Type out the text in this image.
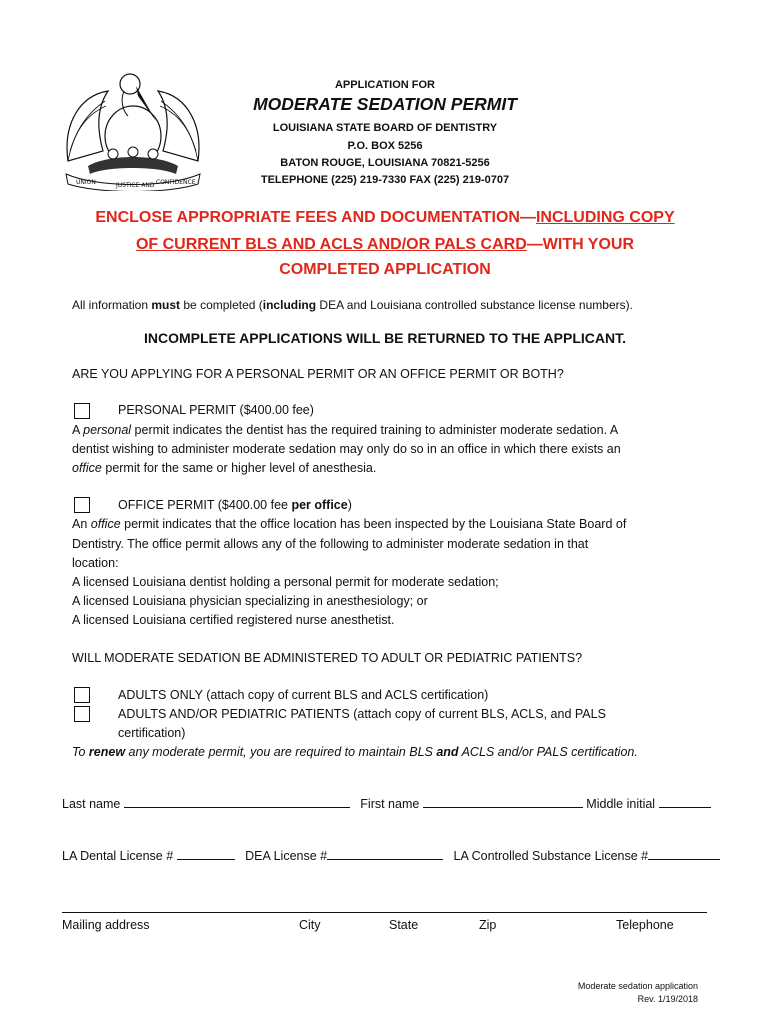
UNION	JUSTICE AND CONFIDENCE
APPLICATION FOR
MODERATE SEDATION PERMIT
LOUISIANA STATE BOARD OF DENTISTRY
P.O. BOX 5256
BATON ROUGE, LOUISIANA 70821-5256
TELEPHONE (225) 219-7330 FAX (225) 219-0707
ENCLOSE APPROPRIATE FEES AND DOCUMENTATION—INCLUDING COPY
OF CURRENT BLS AND ACLS AND/OR PALS CARD—WITH YOUR
COMPLETED APPLICATION
All information must be completed (including DEA and Louisiana controlled substance license numbers).
INCOMPLETE APPLICATIONS WILL BE RETURNED TO THE APPLICANT.
ARE YOU APPLYING FOR A PERSONAL PERMIT OR AN OFFICE PERMIT OR BOTH?
PERSONAL PERMIT ($400.00 fee)
A personal permit indicates the dentist has the required training to administer moderate sedation. A
dentist wishing to administer moderate sedation may only do so in an office in which there exists an
office permit for the same or higher level of anesthesia.
OFFICE PERMIT ($400.00 fee per office)
An office permit indicates that the office location has been inspected by the Louisiana State Board of
Dentistry. The office permit allows any of the following to administer moderate sedation in that
location:
A licensed Louisiana dentist holding a personal permit for moderate sedation;
A licensed Louisiana physician specializing in anesthesiology; or
A licensed Louisiana certified registered nurse anesthetist.
WILL MODERATE SEDATION BE ADMINISTERED TO ADULT OR PEDIATRIC PATIENTS?
ADULTS ONLY (attach copy of current BLS and ACLS certification)
ADULTS AND/OR PEDIATRIC PATIENTS (attach copy of current BLS, ACLS, and PALS
certification)
To renew any moderate permit, you are required to maintain BLS and ACLS and/or PALS certification.
Last name	First name	Middle initial
LA Dental License #	DEA License #	LA Controlled Substance License #
Mailing address	City	State	Zip	Telephone
Moderate sedation application
Rev. 1/19/2018
